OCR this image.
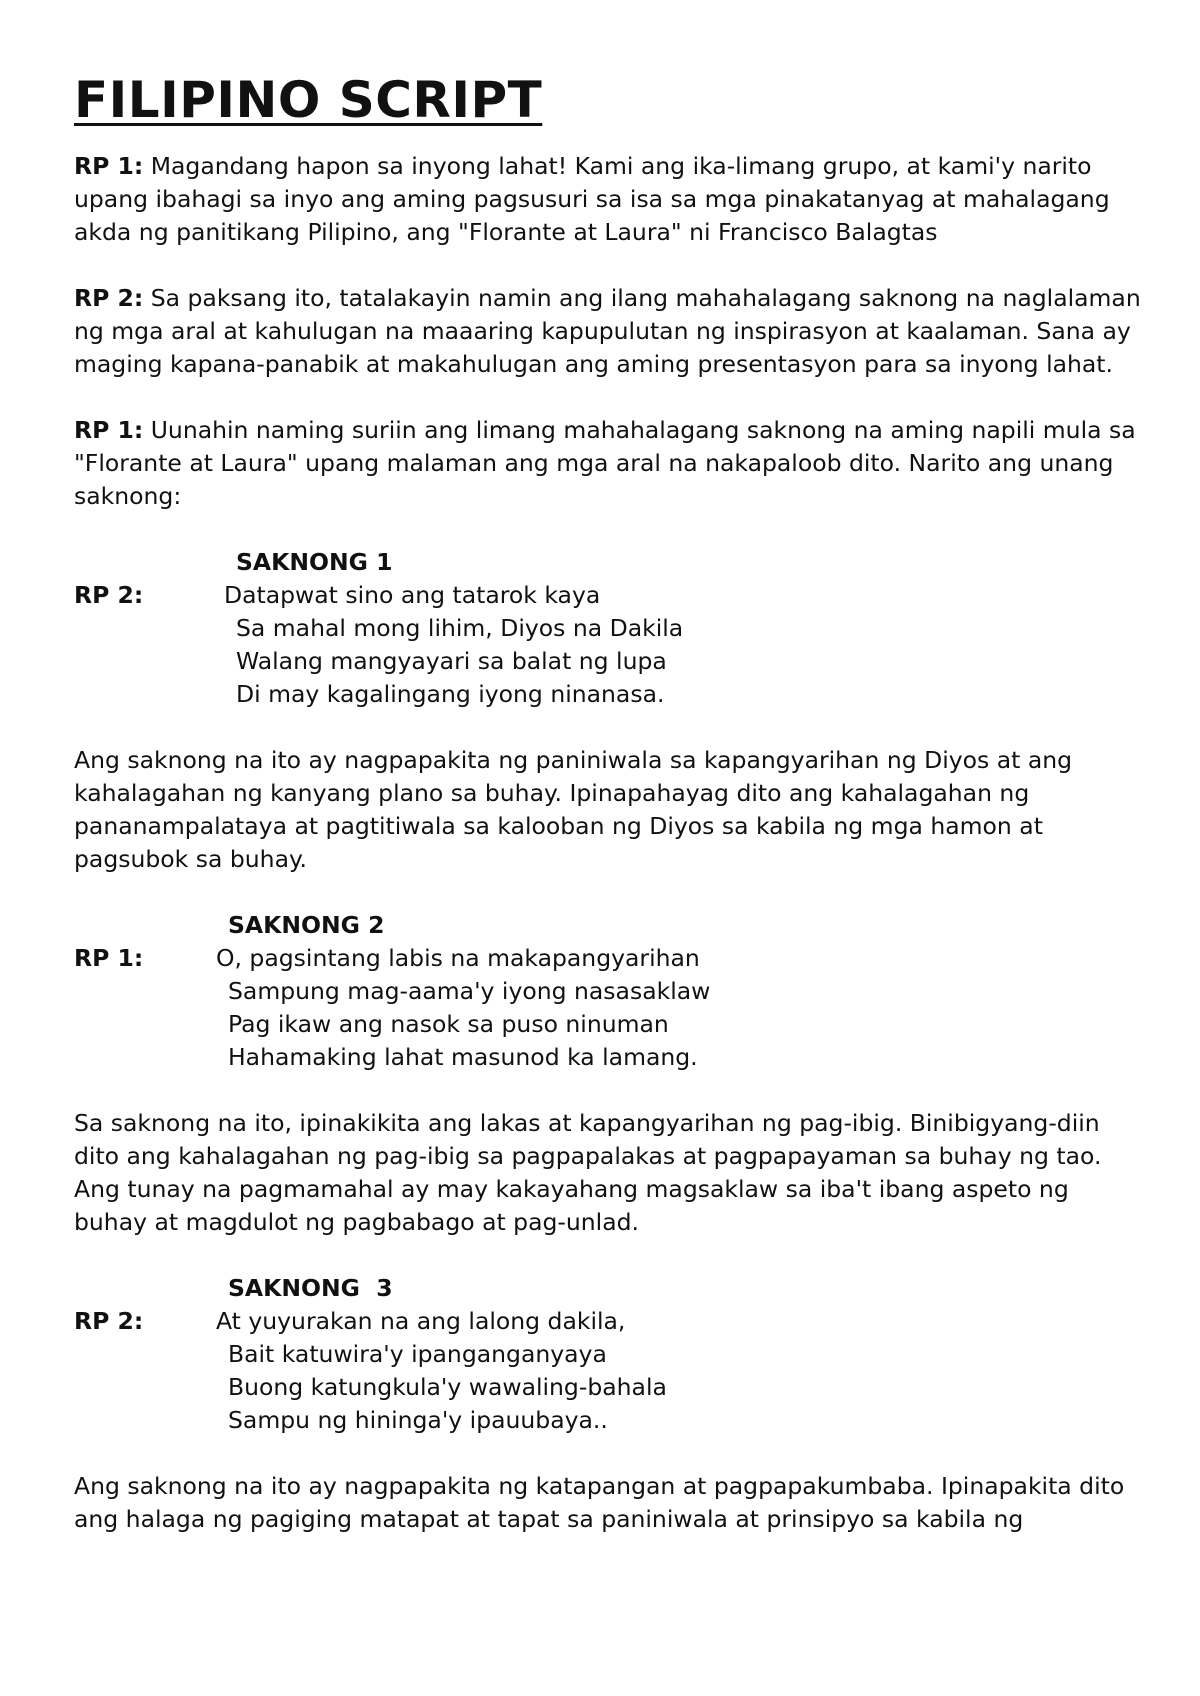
FILIPINO SCRIPT

RP 1: Magandang hapon sa inyong lahat! Kami ang ika-limang grupo, at kami'y narito upang ibahagi sa inyo ang aming pagsusuri sa isa sa mga pinakatanyag at mahalagang akda ng panitikang Pilipino, ang "Florante at Laura" ni Francisco Balagtas

RP 2: Sa paksang ito, tatalakayin namin ang ilang mahahalagang saknong na naglalaman ng mga aral at kahulugan na maaaring kapupulutan ng inspirasyon at kaalaman. Sana ay maging kapana-panabik at makahulugan ang aming presentasyon para sa inyong lahat.

RP 1: Uunahin naming suriin ang limang mahahalagang saknong na aming napili mula sa "Florante at Laura" upang malaman ang mga aral na nakapaloob dito. Narito ang unang saknong:

SAKNONG 1
RP 2:	Datapwat sino ang tatarok kaya
Sa mahal mong lihim, Diyos na Dakila
Walang mangyayari sa balat ng lupa
Di may kagalingang iyong ninanasa.

Ang saknong na ito ay nagpapakita ng paniniwala sa kapangyarihan ng Diyos at ang kahalagahan ng kanyang plano sa buhay. Ipinapahayag dito ang kahalagahan ng pananampalataya at pagtitiwala sa kalooban ng Diyos sa kabila ng mga hamon at pagsubok sa buhay.

SAKNONG 2
RP 1:	O, pagsintang labis na makapangyarihan
Sampung mag-aama'y iyong nasasaklaw
Pag ikaw ang nasok sa puso ninuman
Hahamaking lahat masunod ka lamang.

Sa saknong na ito, ipinakikita ang lakas at kapangyarihan ng pag-ibig. Binibigyang-diin dito ang kahalagahan ng pag-ibig sa pagpapalakas at pagpapayaman sa buhay ng tao. Ang tunay na pagmamahal ay may kakayahang magsaklaw sa iba't ibang aspeto ng buhay at magdulot ng pagbabago at pag-unlad.

SAKNONG  3
RP 2:	At yuyurakan na ang lalong dakila,
Bait katuwira'y ipanganganyaya
Buong katungkula'y wawaling-bahala
Sampu ng hininga'y ipauubaya..

Ang saknong na ito ay nagpapakita ng katapangan at pagpapakumbaba. Ipinapakita dito ang halaga ng pagiging matapat at tapat sa paniniwala at prinsipyo sa kabila ng
